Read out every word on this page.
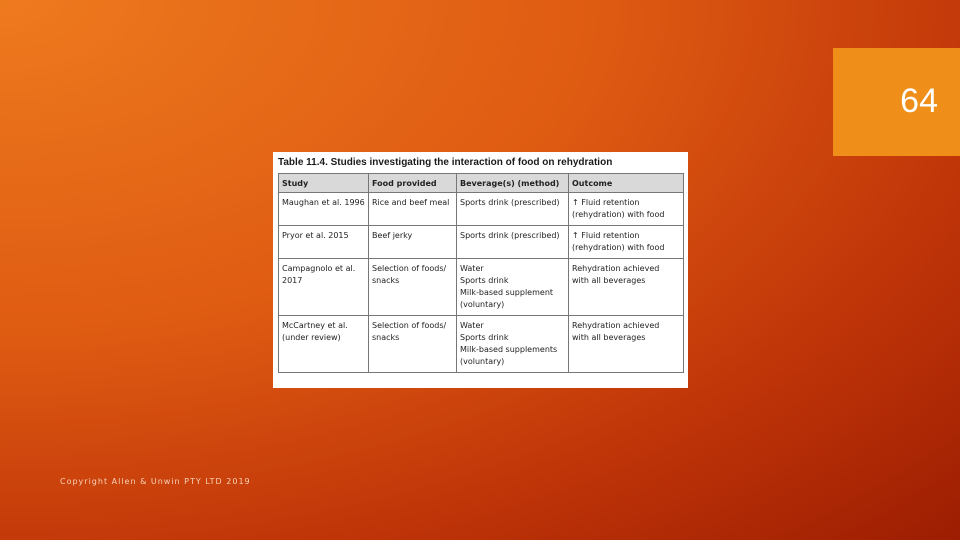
64
Table 11.4. Studies investigating the interaction of food on rehydration
Study	Food provided	Beverage(s) (method)	Outcome

Maughan et al. 1996	Rice and beef meal	Sports drink (prescribed)	↑ Fluid retention
(rehydration) with food

Pryor et al. 2015	Beef jerky	Sports drink (prescribed)	↑ Fluid retention
(rehydration) with food

Campagnolo et al.
2017	Selection of foods/
snacks	Water
Sports drink
Milk-based supplement
(voluntary)	Rehydration achieved
with all beverages

McCartney et al.
(under review)	Selection of foods/
snacks	Water
Sports drink
Milk-based supplements
(voluntary)	Rehydration achieved
with all beverages
Copyright Allen & Unwin PTY LTD 2019
